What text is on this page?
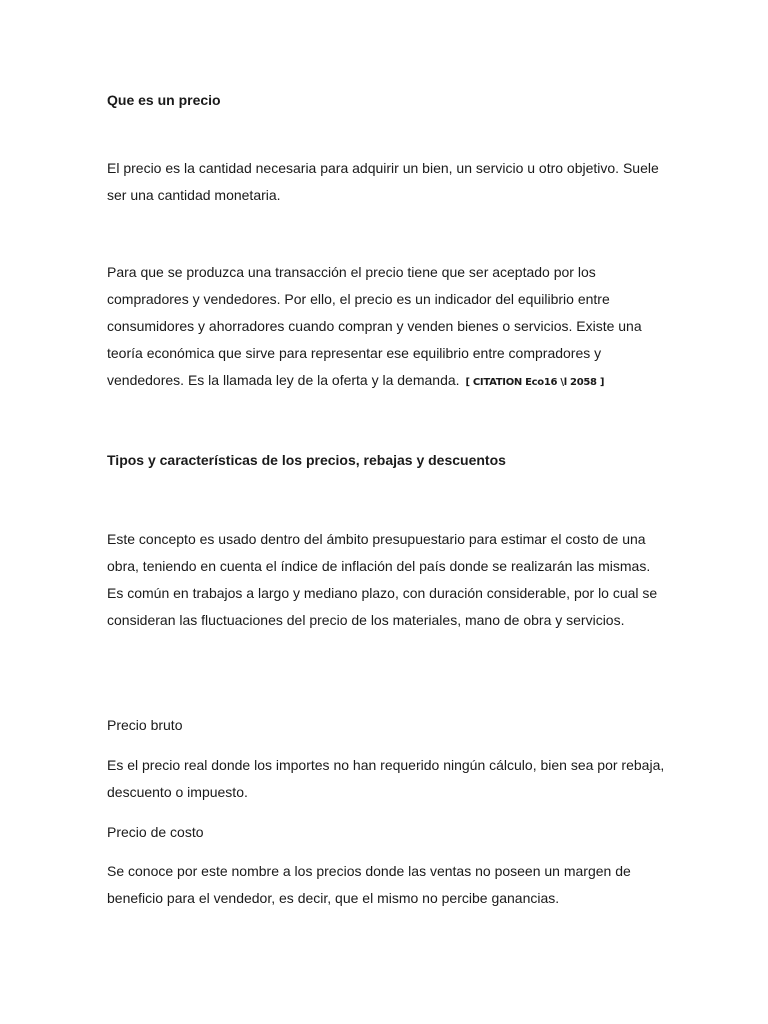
Que es un precio

El precio es la cantidad necesaria para adquirir un bien, un servicio u otro objetivo. Suele ser una cantidad monetaria.

Para que se produzca una transacción el precio tiene que ser aceptado por los compradores y vendedores. Por ello, el precio es un indicador del equilibrio entre consumidores y ahorradores cuando compran y venden bienes o servicios. Existe una teoría económica que sirve para representar ese equilibrio entre compradores y vendedores. Es la llamada ley de la oferta y la demanda. [ CITATION Eco16 \l 2058 ]

Tipos y características de los precios, rebajas y descuentos

Este concepto es usado dentro del ámbito presupuestario para estimar el costo de una obra, teniendo en cuenta el índice de inflación del país donde se realizarán las mismas. Es común en trabajos a largo y mediano plazo, con duración considerable, por lo cual se consideran las fluctuaciones del precio de los materiales, mano de obra y servicios.

Precio bruto

Es el precio real donde los importes no han requerido ningún cálculo, bien sea por rebaja, descuento o impuesto.

Precio de costo

Se conoce por este nombre a los precios donde las ventas no poseen un margen de beneficio para el vendedor, es decir, que el mismo no percibe ganancias.
